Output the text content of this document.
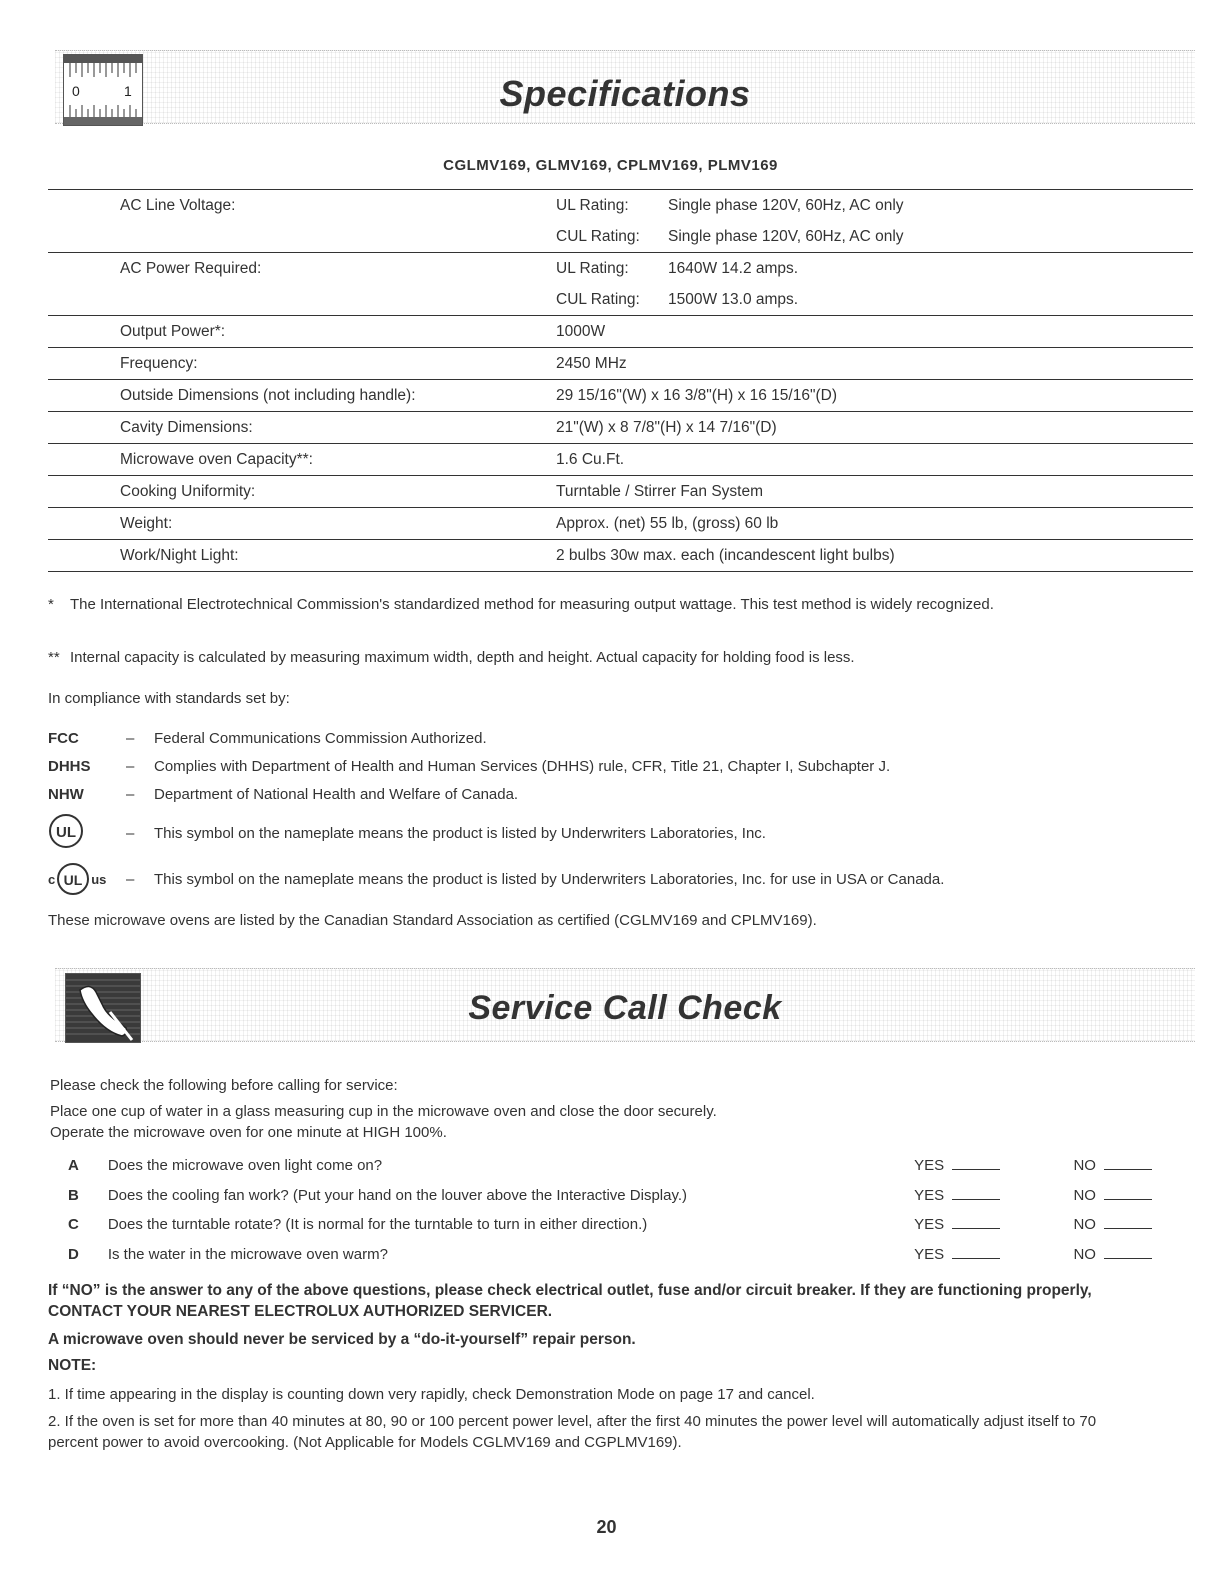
0	1	Specifications
CGLMV169, GLMV169, CPLMV169, PLMV169
AC Line Voltage:	UL Rating:	Single phase 120V, 60Hz, AC only
	CUL Rating:	Single phase 120V, 60Hz, AC only
AC Power Required:	UL Rating:	1640W 14.2 amps.
	CUL Rating:	1500W 13.0 amps.
Output Power*:	1000W	
Frequency:	2450 MHz	
Outside Dimensions (not including handle):	29 15/16"(W) x 16 3/8"(H) x 16 15/16"(D)	
Cavity Dimensions:	21"(W) x 8 7/8"(H) x 14 7/16"(D)	
Microwave oven Capacity**:	1.6 Cu.Ft.	
Cooking Uniformity:	Turntable / Stirrer Fan System	
Weight:	Approx. (net) 55 lb, (gross) 60 lb	
Work/Night Light:	2 bulbs 30w max. each (incandescent light bulbs)	
*	The International Electrotechnical Commission's standardized method for measuring output wattage. This test method is widely recognized.
** Internal capacity is calculated by measuring maximum width, depth and height. Actual capacity for holding food is less.
In compliance with standards set by:
FCC	–	Federal Communications Commission Authorized.
DHHS	–	Complies with Department of Health and Human Services (DHHS) rule, CFR, Title 21, Chapter I, Subchapter J.
NHW	–	Department of National Health and Welfare of Canada.
UL	–	This symbol on the nameplate means the product is listed by Underwriters Laboratories, Inc.
c UL us –	This symbol on the nameplate means the product is listed by Underwriters Laboratories, Inc. for use in USA or Canada.
These microwave ovens are listed by the Canadian Standard Association as certified (CGLMV169 and CPLMV169).
Service Call Check
Please check the following before calling for service:
Place one cup of water in a glass measuring cup in the microwave oven and close the door securely.
Operate the microwave oven for one minute at HIGH 100%.
A	Does the microwave oven light come on?	YES	NO
B	Does the cooling fan work? (Put your hand on the louver above the Interactive Display.)	YES	NO
C	Does the turntable rotate? (It is normal for the turntable to turn in either direction.)	YES	NO
D	Is the water in the microwave oven warm?	YES	NO
If “NO” is the answer to any of the above questions, please check electrical outlet, fuse and/or circuit breaker. If they are functioning properly, CONTACT YOUR NEAREST ELECTROLUX AUTHORIZED SERVICER.
A microwave oven should never be serviced by a “do-it-yourself” repair person.
NOTE:
1. If time appearing in the display is counting down very rapidly, check Demonstration Mode on page 17 and cancel.
2. If the oven is set for more than 40 minutes at 80, 90 or 100 percent power level, after the first 40 minutes the power level will automatically adjust itself to 70 percent power to avoid overcooking. (Not Applicable for Models CGLMV169 and CGPLMV169).
20
